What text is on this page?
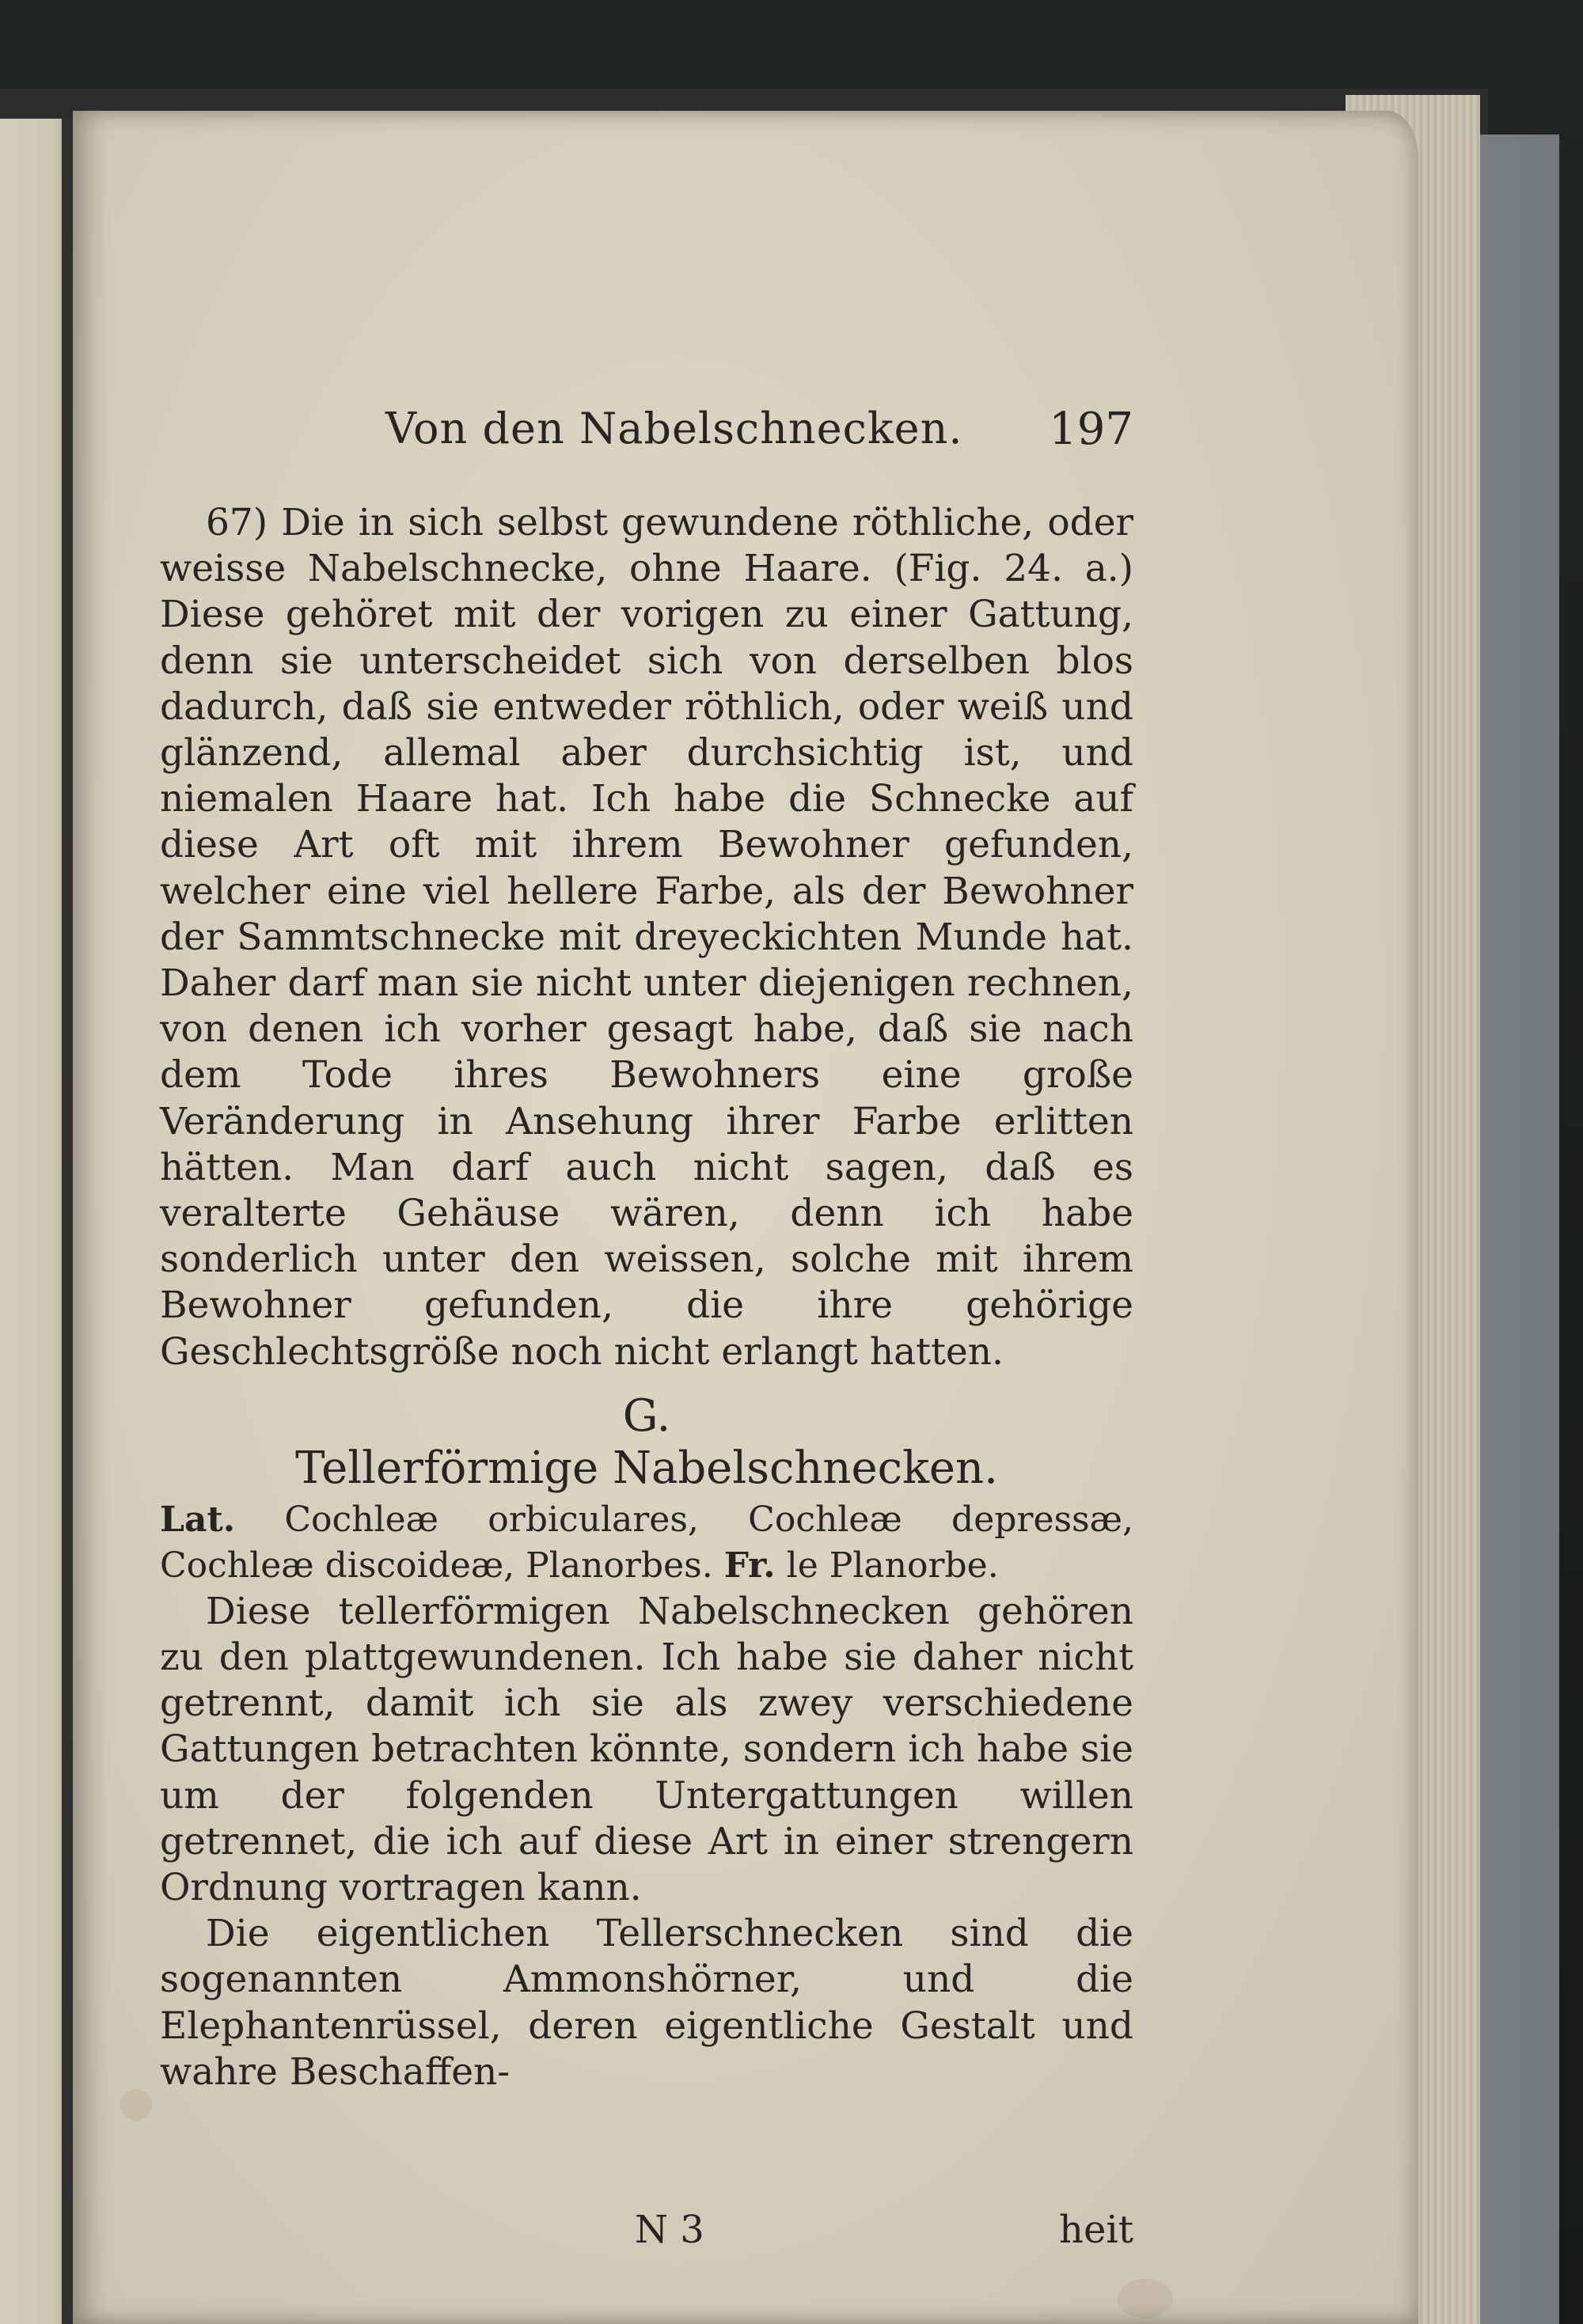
Von den Nabelschnecken. 197

67) Die in sich selbst gewundene röthliche, oder weisse Nabelschnecke, ohne Haare. (Fig. 24. a.) Diese gehöret mit der vorigen zu einer Gattung, denn sie unterscheidet sich von derselben blos dadurch, daß sie entweder röthlich, oder weiß und glänzend, allemal aber durchsichtig ist, und niemalen Haare hat. Ich habe die Schnecke auf diese Art oft mit ihrem Bewohner gefunden, welcher eine viel hellere Farbe, als der Bewohner der Sammtschnecke mit dreyeckichten Munde hat. Daher darf man sie nicht unter diejenigen rechnen, von denen ich vorher gesagt habe, daß sie nach dem Tode ihres Bewohners eine große Veränderung in Ansehung ihrer Farbe erlitten hätten. Man darf auch nicht sagen, daß es veralterte Gehäuse wären, denn ich habe sonderlich unter den weissen, solche mit ihrem Bewohner gefunden, die ihre gehörige Geschlechtsgröße noch nicht erlangt hatten.

G.
Tellerförmige Nabelschnecken.

Lat. Cochleæ orbiculares, Cochleæ depressæ, Cochleæ discoideæ, Planorbes. Fr. le Planorbe.

Diese tellerförmigen Nabelschnecken gehören zu den plattgewundenen. Ich habe sie daher nicht getrennt, damit ich sie als zwey verschiedene Gattungen betrachten könnte, sondern ich habe sie um der folgenden Untergattungen willen getrennet, die ich auf diese Art in einer strengern Ordnung vortragen kann.

Die eigentlichen Tellerschnecken sind die sogenannten Ammonshörner, und die Elephantenrüssel, deren eigentliche Gestalt und wahre Beschaffen-

N 3	heit
